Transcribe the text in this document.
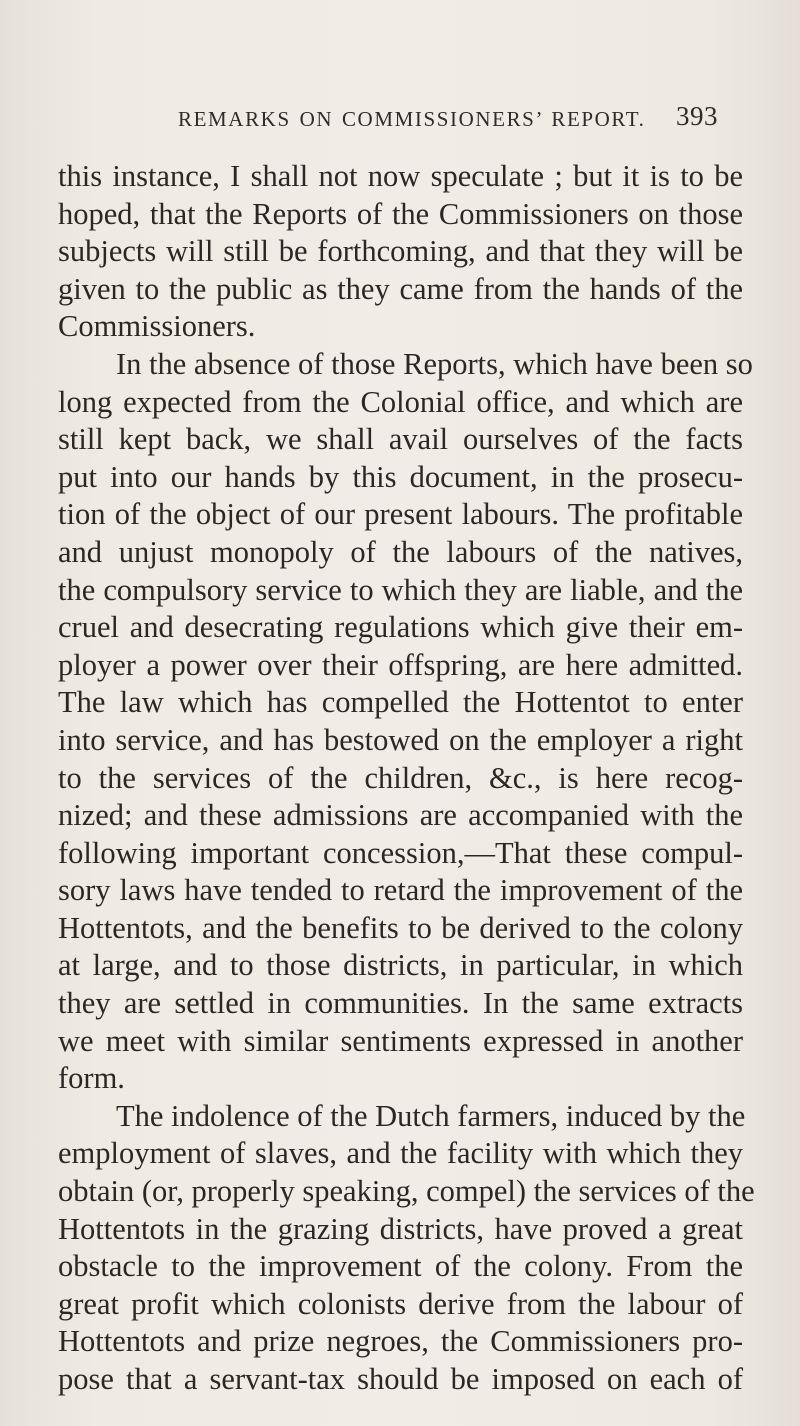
REMARKS ON COMMISSIONERS’ REPORT. 393
this instance, I shall not now speculate ; but it is to be
hoped, that the Reports of the Commissioners on those
subjects will still be forthcoming, and that they will be
given to the public as they came from the hands of the
Commissioners.
In the absence of those Reports, which have been so
long expected from the Colonial office, and which are
still kept back, we shall avail ourselves of the facts
put into our hands by this document, in the prosecu-
tion of the object of our present labours. The profitable
and unjust monopoly of the labours of the natives,
the compulsory service to which they are liable, and the
cruel and desecrating regulations which give their em-
ployer a power over their offspring, are here admitted.
The law which has compelled the Hottentot to enter
into service, and has bestowed on the employer a right
to the services of the children, &c., is here recog-
nized; and these admissions are accompanied with the
following important concession,—That these compul-
sory laws have tended to retard the improvement of the
Hottentots, and the benefits to be derived to the colony
at large, and to those districts, in particular, in which
they are settled in communities. In the same extracts
we meet with similar sentiments expressed in another
form.
The indolence of the Dutch farmers, induced by the
employment of slaves, and the facility with which they
obtain (or, properly speaking, compel) the services of the
Hottentots in the grazing districts, have proved a great
obstacle to the improvement of the colony. From the
great profit which colonists derive from the labour of
Hottentots and prize negroes, the Commissioners pro-
pose that a servant-tax should be imposed on each of
